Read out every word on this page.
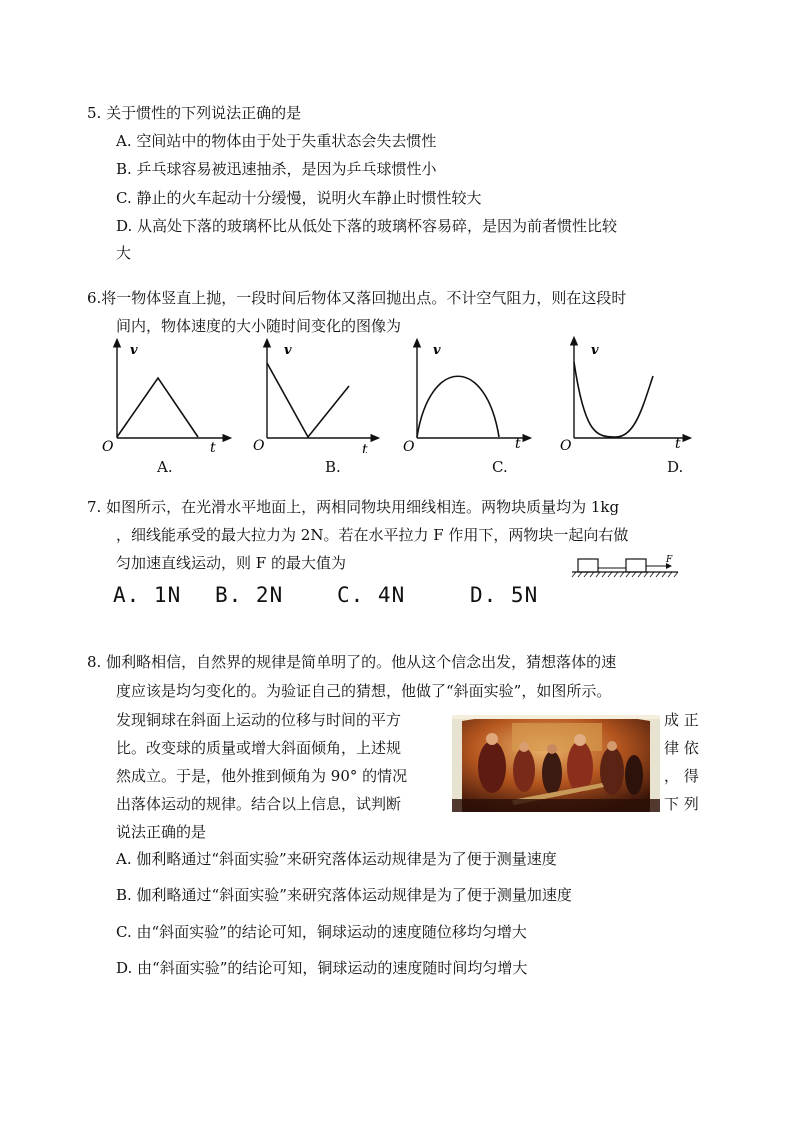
5. 关于惯性的下列说法正确的是
A. 空间站中的物体由于处于失重状态会失去惯性
B. 乒乓球容易被迅速抽杀，是因为乒乓球惯性小
C. 静止的火车起动十分缓慢，说明火车静止时惯性较大
D. 从高处下落的玻璃杯比从低处下落的玻璃杯容易碎，是因为前者惯性比较
大
6.将一物体竖直上抛，一段时间后物体又落回抛出点。不计空气阻力，则在这段时
间内，物体速度的大小随时间变化的图像为
v
O	t
A.
v
O	t
B.
v
O	t
C.
v
O	t
D.
7. 如图所示，在光滑水平地面上，两相同物块用细线相连。两物块质量均为 1kg
，细线能承受的最大拉力为 2N。若在水平拉力 F 作用下，两物块一起向右做
匀加速直线运动，则 F 的最大值为	F
A. 1N B. 2N	C. 4N	D. 5N
8. 伽利略相信，自然界的规律是简单明了的。他从这个信念出发，猜想落体的速
度应该是均匀变化的。为验证自己的猜想，他做了“斜面实验”，如图所示。
发现铜球在斜面上运动的位移与时间的平方	成 正
比。改变球的质量或增大斜面倾角，上述规	律 依
然成立。于是，他外推到倾角为 90° 的情况	， 得
出落体运动的规律。结合以上信息，试判断	下 列
说法正确的是
A. 伽利略通过“斜面实验”来研究落体运动规律是为了便于测量速度
B. 伽利略通过“斜面实验”来研究落体运动规律是为了便于测量加速度
C. 由“斜面实验”的结论可知，铜球运动的速度随位移均匀增大
D. 由“斜面实验”的结论可知，铜球运动的速度随时间均匀增大
